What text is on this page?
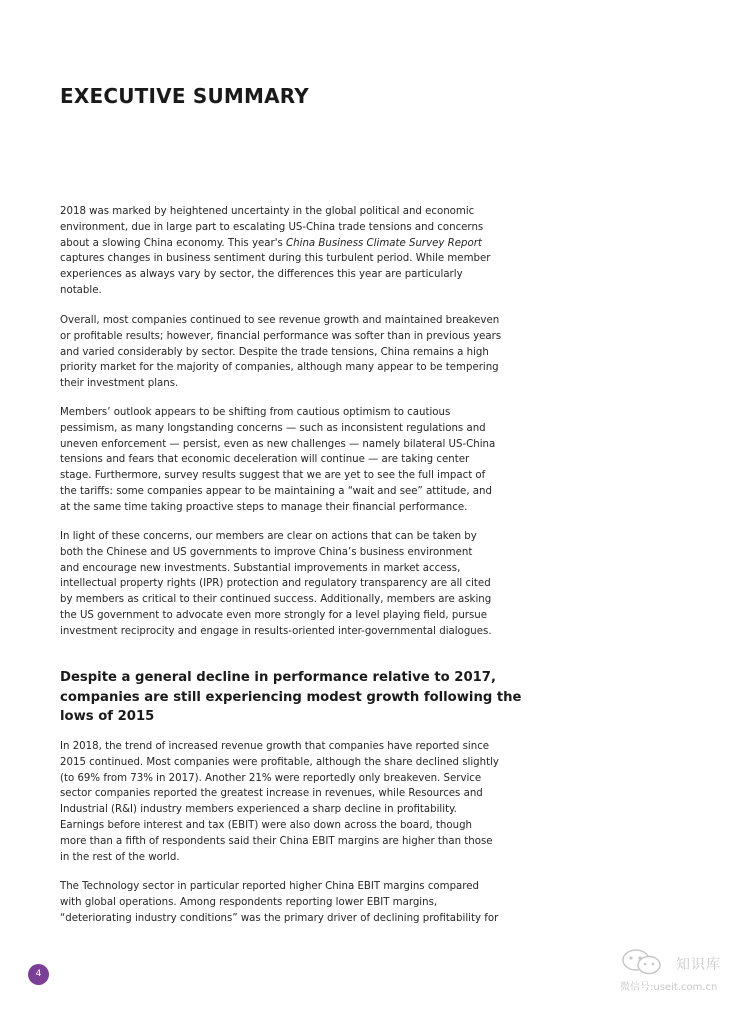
EXECUTIVE SUMMARY

2018 was marked by heightened uncertainty in the global political and economic
environment, due in large part to escalating US-China trade tensions and concerns
about a slowing China economy. This year's China Business Climate Survey Report
captures changes in business sentiment during this turbulent period. While member
experiences as always vary by sector, the differences this year are particularly
notable.

Overall, most companies continued to see revenue growth and maintained breakeven
or profitable results; however, financial performance was softer than in previous years
and varied considerably by sector. Despite the trade tensions, China remains a high
priority market for the majority of companies, although many appear to be tempering
their investment plans.

Members’ outlook appears to be shifting from cautious optimism to cautious
pessimism, as many longstanding concerns — such as inconsistent regulations and
uneven enforcement — persist, even as new challenges — namely bilateral US-China
tensions and fears that economic deceleration will continue — are taking center
stage. Furthermore, survey results suggest that we are yet to see the full impact of
the tariffs: some companies appear to be maintaining a “wait and see” attitude, and
at the same time taking proactive steps to manage their financial performance.

In light of these concerns, our members are clear on actions that can be taken by
both the Chinese and US governments to improve China’s business environment
and encourage new investments. Substantial improvements in market access,
intellectual property rights (IPR) protection and regulatory transparency are all cited
by members as critical to their continued success. Additionally, members are asking
the US government to advocate even more strongly for a level playing field, pursue
investment reciprocity and engage in results-oriented inter-governmental dialogues.

Despite a general decline in performance relative to 2017,
companies are still experiencing modest growth following the
lows of 2015

In 2018, the trend of increased revenue growth that companies have reported since
2015 continued. Most companies were profitable, although the share declined slightly
(to 69% from 73% in 2017). Another 21% were reportedly only breakeven. Service
sector companies reported the greatest increase in revenues, while Resources and
Industrial (R&I) industry members experienced a sharp decline in profitability.
Earnings before interest and tax (EBIT) were also down across the board, though
more than a fifth of respondents said their China EBIT margins are higher than those
in the rest of the world.

The Technology sector in particular reported higher China EBIT margins compared
with global operations. Among respondents reporting lower EBIT margins,
“deteriorating industry conditions” was the primary driver of declining profitability for

4
知识库
微信号:useit.com.cn
